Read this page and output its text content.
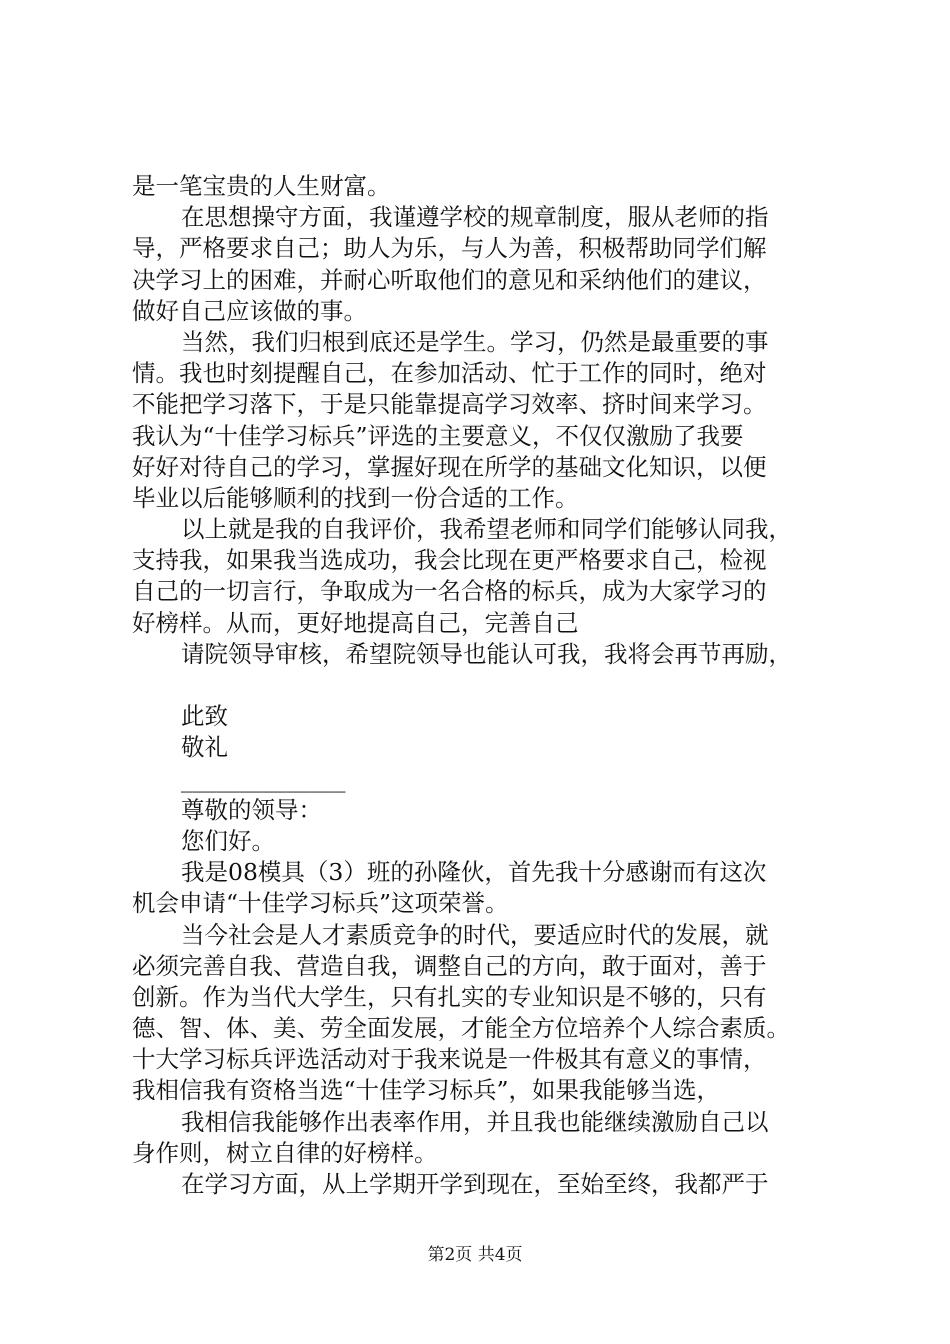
是一笔宝贵的人生财富。
在思想操守方面，我谨遵学校的规章制度，服从老师的指
导，严格要求自己；助人为乐，与人为善，积极帮助同学们解
决学习上的困难，并耐心听取他们的意见和采纳他们的建议，
做好自己应该做的事。
当然，我们归根到底还是学生。学习，仍然是最重要的事
情。我也时刻提醒自己，在参加活动、忙于工作的同时，绝对
不能把学习落下，于是只能靠提高学习效率、挤时间来学习。
我认为“十佳学习标兵”评选的主要意义，不仅仅激励了我要
好好对待自己的学习，掌握好现在所学的基础文化知识，以便
毕业以后能够顺利的找到一份合适的工作。
以上就是我的自我评价，我希望老师和同学们能够认同我，
支持我，如果我当选成功，我会比现在更严格要求自己，检视
自己的一切言行，争取成为一名合格的标兵，成为大家学习的
好榜样。从而，更好地提高自己，完善自己
请院领导审核，希望院领导也能认可我，我将会再节再励，
此致
敬礼
______________
尊敬的领导：
您们好。
我是08模具（3）班的孙隆伙，首先我十分感谢而有这次
机会申请“十佳学习标兵”这项荣誉。
当今社会是人才素质竞争的时代，要适应时代的发展，就
必须完善自我、营造自我，调整自己的方向，敢于面对，善于
创新。作为当代大学生，只有扎实的专业知识是不够的，只有
德、智、体、美、劳全面发展，才能全方位培养个人综合素质。
十大学习标兵评选活动对于我来说是一件极其有意义的事情，
我相信我有资格当选“十佳学习标兵”，如果我能够当选，
我相信我能够作出表率作用，并且我也能继续激励自己以
身作则，树立自律的好榜样。
在学习方面，从上学期开学到现在，至始至终，我都严于
第2页 共4页
